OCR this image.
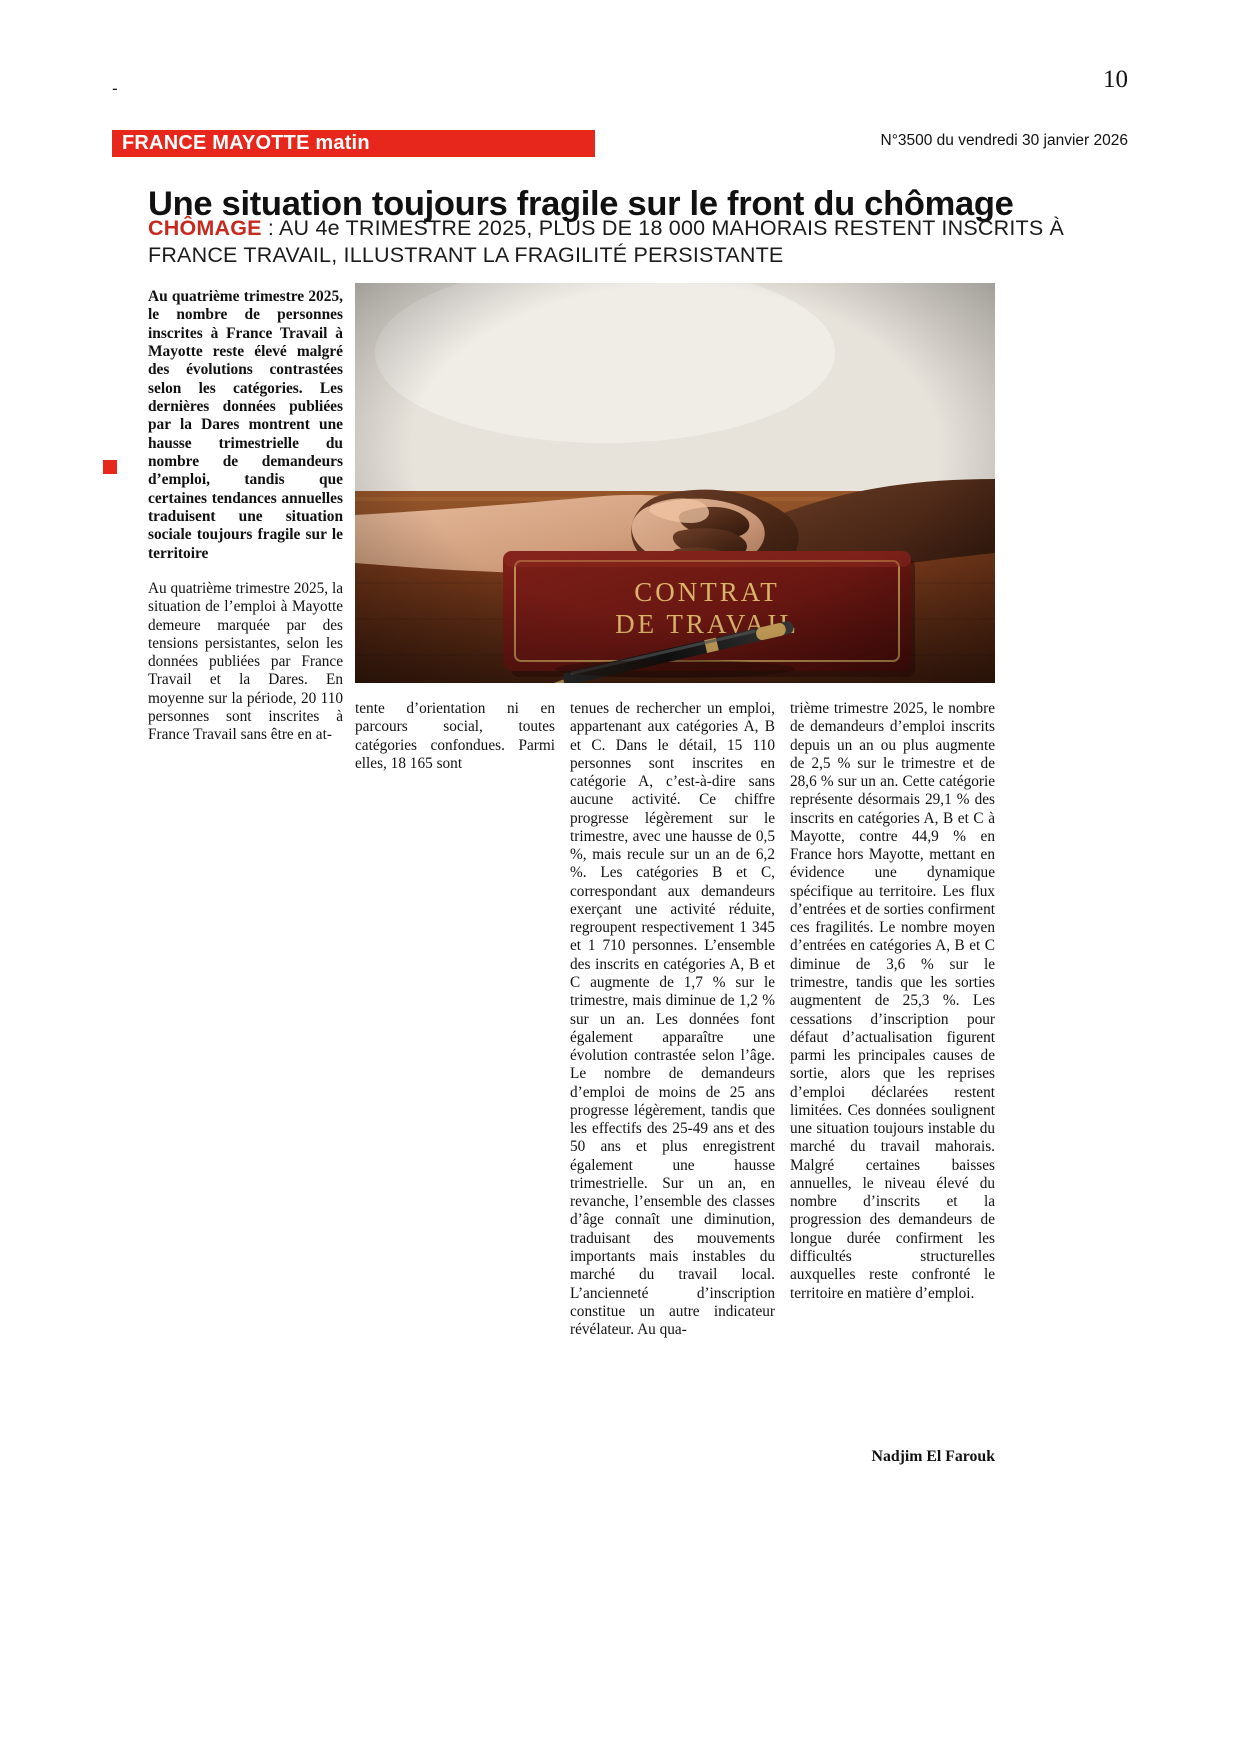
-	10
FRANCE MAYOTTE matin	N°3500 du vendredi 30 janvier 2026
Une situation toujours fragile sur le front du chômage
CHÔMAGE : AU 4e TRIMESTRE 2025, PLUS DE 18 000 MAHORAIS RESTENT INSCRITS À FRANCE TRAVAIL, ILLUSTRANT LA FRAGILITÉ PERSISTANTE
Au quatrième trimestre 2025, le nombre de personnes inscrites à France Travail à Mayotte reste élevé malgré des évolutions contrastées selon les catégories. Les dernières données publiées par la Dares montrent une hausse trimestrielle du nombre de demandeurs d’emploi, tandis que certaines tendances annuelles traduisent une situation sociale toujours fragile sur le territoire

Au quatrième trimestre 2025, la situation de l’emploi à Mayotte demeure marquée par des tensions persistantes, selon les données publiées par France Travail et la Dares. En moyenne sur la période, 20 110 personnes sont inscrites à France Travail sans être en at-

tente d’orientation ni en parcours social, toutes catégories confondues. Parmi elles, 18 165 sont

tenues de rechercher un emploi, appartenant aux catégories A, B et C. Dans le détail, 15 110 personnes sont inscrites en catégorie A, c’est-à-dire sans aucune activité. Ce chiffre progresse légèrement sur le trimestre, avec une hausse de 0,5 %, mais recule sur un an de 6,2 %. Les catégories B et C, correspondant aux demandeurs exerçant une activité réduite, regroupent respectivement 1 345 et 1 710 personnes. L’ensemble des inscrits en catégories A, B et C augmente de 1,7 % sur le trimestre, mais diminue de 1,2 % sur un an. Les données font également apparaître une évolution contrastée selon l’âge. Le nombre de demandeurs d’emploi de moins de 25 ans progresse légèrement, tandis que les effectifs des 25-49 ans et des 50 ans et plus enregistrent également une hausse trimestrielle. Sur un an, en revanche, l’ensemble des classes d’âge connaît une diminution, traduisant des mouvements importants mais instables du marché du travail local. L’ancienneté d’inscription constitue un autre indicateur révélateur. Au qua-

trième trimestre 2025, le nombre de demandeurs d’emploi inscrits depuis un an ou plus augmente de 2,5 % sur le trimestre et de 28,6 % sur un an. Cette catégorie représente désormais 29,1 % des inscrits en catégories A, B et C à Mayotte, contre 44,9 % en France hors Mayotte, mettant en évidence une dynamique spécifique au territoire. Les flux d’entrées et de sorties confirment ces fragilités. Le nombre moyen d’entrées en catégories A, B et C diminue de 3,6 % sur le trimestre, tandis que les sorties augmentent de 25,3 %. Les cessations d’inscription pour défaut d’actualisation figurent parmi les principales causes de sortie, alors que les reprises d’emploi déclarées restent limitées. Ces données soulignent une situation toujours instable du marché du travail mahorais. Malgré certaines baisses annuelles, le niveau élevé du nombre d’inscrits et la progression des demandeurs de longue durée confirment les difficultés structurelles auxquelles reste confronté le territoire en matière d’emploi.

Nadjim El Farouk
